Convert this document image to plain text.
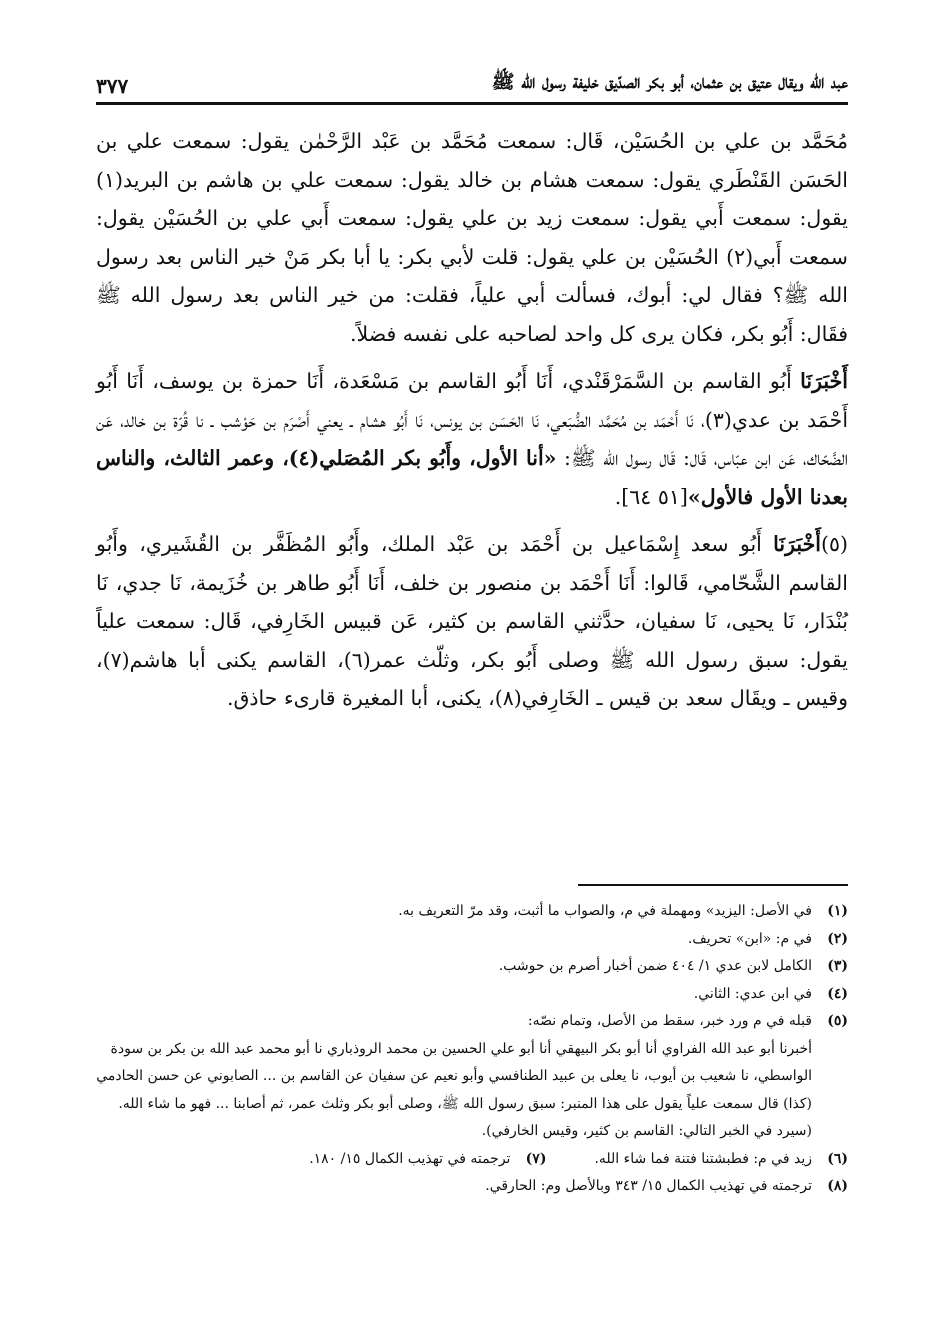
عبد الله ويقال عتيق بن عثمان، أبو بكر الصدّيق خليفة رسول الله ﷺ
٣٧٧

مُحَمَّد بن علي بن الحُسَيْن، قَال: سمعت مُحَمَّد بن عَبْد الرَّحْمٰن يقول: سمعت علي بن الحَسَن القَنْطَري يقول: سمعت هشام بن خالد يقول: سمعت علي بن هاشم بن البريد(١) يقول: سمعت أَبي يقول: سمعت زيد بن علي يقول: سمعت أَبي علي بن الحُسَيْن يقول: سمعت أَبي(٢) الحُسَيْن بن علي يقول: قلت لأبي بكر: يا أبا بكر مَنْ خير الناس بعد رسول الله ﷺ؟ فقال لي: أبوك، فسألت أبي علياً، فقلت: من خير الناس بعد رسول الله ﷺ فقَال: أَبُو بكر، فكان يرى كل واحد لصاحبه على نفسه فضلاً.

أَخْبَرَنَا أَبُو القاسم بن السَّمَرْقَنْدي، أَنَا أَبُو القاسم بن مَسْعَدة، أَنَا حمزة بن يوسف، أَنَا أَبُو أَحْمَد بن عدي(٣)، نَا أَحْمَد بن مُحَمَّد الضُّبَعي، نَا الحَسَن بن يونس، نَا أَبُو هشام ـ يعني أَصْرَم بن حَوْشب ـ نا قُرّة بن خالد، عَن الضَّحّاك، عَن ابن عبّاس، قَال: قَال رسول الله ﷺ: «أنا الأول، وأَبُو بكر المُصَلي(٤)، وعمر الثالث، والناس بعدنا الأول فالأول»[٥١ ٦٤].

(٥)أَخْبَرَنَا أَبُو سعد إِسْمَاعيل بن أَحْمَد بن عَبْد الملك، وأَبُو المُظَفَّر بن القُشَيري، وأَبُو القاسم الشَّحّامي، قَالوا: أَنَا أَحْمَد بن منصور بن خلف، أَنَا أَبُو طاهر بن خُزَيمة، نَا جدي، نَا بُنْدَار، نَا يحيى، نَا سفيان، حدَّثني القاسم بن كثير، عَن قبيس الخَارِفي، قَال: سمعت علياً يقول: سبق رسول الله ﷺ وصلى أَبُو بكر، وثلّث عمر(٦)، القاسم يكنى أبا هاشم(٧)، وقيس ـ ويقَال سعد بن قيس ـ الخَارِفي(٨)، يكنى، أبا المغيرة قارىء حاذق.

(١)
في الأصل: اليزيد» ومهملة في م، والصواب ما أثبت، وقد مرّ التعريف به.
(٢)
في م: «ابن» تحريف.
(٣)
الكامل لابن عدي ١/ ٤٠٤ ضمن أخبار أصرم بن حوشب.
(٤)
في ابن عدي: الثاني.
(٥)
قبله في م ورد خبر، سقط من الأصل، وتمام نصّه:
أخبرنا أبو عبد الله الفراوي أنا أبو بكر البيهقي أنا أبو علي الحسين بن محمد الروذباري نا أبو محمد عبد الله بن بكر بن سودة الواسطي، نا شعيب بن أيوب، نا يعلى بن عبيد الطنافسي وأبو نعيم عن سفيان عن القاسم بن ... الصابوني عن حسن الحادمي (كذا) قال سمعت علياً يقول على هذا المنبر: سبق رسول الله ﷺ، وصلى أبو بكر وثلث عمر، ثم أصابنا ... فهو ما شاء الله. (سيرد في الخبر التالي: القاسم بن كثير، وقيس الخارفي).
(٦)
زيد في م: فطبشتنا فتنة فما شاء الله.
(٧)
ترجمته في تهذيب الكمال ١٥/ ١٨٠.
(٨)
ترجمته في تهذيب الكمال ١٥/ ٣٤٣ وبالأصل وم: الحارقي.
